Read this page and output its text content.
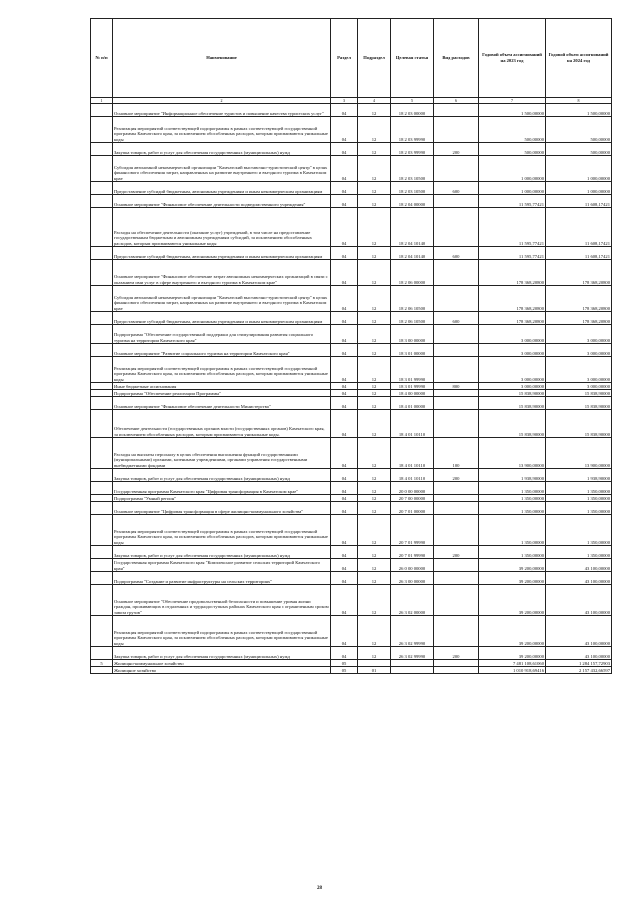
№ п/п	Наименование	Раздел	Подраздел	Целевая статья	Вид расходов	Годовой объем ассигнований на 2023 год	Годовой объем ассигнований на 2024 год
1	2	3	4	5	6	7	8
	Основное мероприятие "Информационное обеспечение туристов и повышение качества туристских услуг"	04	12	18 2 03 00000		1 500,00000	1 500,00000
	Реализация мероприятий соответствующей подпрограммы в рамках соответствующей государственной программы Камчатского края, за исключением обособленных расходов, которым присваиваются уникальные коды	04	12	18 2 03 99990		500,00000	500,00000
	Закупка товаров, работ и услуг для обеспечения государственных (муниципальных) нужд	04	12	18 2 03 99990	200	500,00000	500,00000
	Субсидия автономной некоммерческой организации "Камчатский выставочно-туристический центр" в целях финансового обеспечения затрат, направленных на развитие внутреннего и въездного туризма в Камчатском крае	04	12	18 2 03 10500		1 000,00000	1 000,00000
	Предоставление субсидий бюджетным, автономным учреждениям и иным некоммерческим организациям	04	12	18 2 03 10500	600	1 000,00000	1 000,00000
	Основное мероприятие "Финансовое обеспечение деятельности подведомственного учреждения"	04	12	18 2 04 00000		11 595,77421	11 608,17421
	Расходы на обеспечение деятельности (оказание услуг) учреждений, в том числе на предоставление государственным бюджетным и автономным учреждениям субсидий, за исключением обособленных расходов, которым присваиваются уникальные коды	04	12	18 2 04 10140		11 595,77421	11 608,17421
	Предоставление субсидий бюджетным, автономным учреждениям и иным некоммерческим организациям	04	12	18 2 04 10140	600	11 595,77421	11 608,17421
	Основное мероприятие "Финансовое обеспечение затрат автономных некоммерческих организаций в связи с оказанием ими услуг в сфере внутреннего и въездного туризма в Камчатском крае"	04	12	18 2 06 00000		178 368,20800	178 368,20800
	Субсидия автономной некоммерческой организации "Камчатский выставочно-туристический центр" в целях финансового обеспечения затрат, направленных на развитие внутреннего и въездного туризма в Камчатском крае	04	12	18 2 06 10500		178 368,20800	178 368,20800
	Предоставление субсидий бюджетным, автономным учреждениям и иным некоммерческим организациям	04	12	18 2 06 10500	600	178 368,20800	178 368,20800
	Подпрограмма "Обеспечение государственной поддержки для стимулирования развития социального туризма на территории Камчатского края"	04	12	18 3 00 00000		3 000,00000	3 000,00000
	Основное мероприятие "Развитие социального туризма на территории Камчатского края"	04	12	18 3 01 00000		3 000,00000	3 000,00000
	Реализация мероприятий соответствующей подпрограммы в рамках соответствующей государственной программы Камчатского края, за исключением обособленных расходов, которым присваиваются уникальные коды	04	12	18 3 01 99990		3 000,00000	3 000,00000
	Иные бюджетные ассигнования	04	12	18 3 01 99990	800	3 000,00000	3 000,00000
	Подпрограмма "Обеспечение реализации Программы"	04	12	18 4 00 00000		15 838,90000	15 838,90000
	Основное мероприятие "Финансовое обеспечение деятельности Министерства"	04	12	18 4 01 00000		15 838,90000	15 838,90000
	Обеспечение деятельности (государственных органов власти (государственных органов) Камчатского края, за исключением обособленных расходов, которым присваиваются уникальные коды.	04	12	18 4 01 10110		15 838,90000	15 838,90000
	Расходы на выплаты персоналу в целях обеспечения выполнения функций государственными (муниципальными) органами, казенными учреждениями, органами управления государственными внебюджетными фондами	04	12	18 4 01 10110	100	13 900,00000	13 900,00000
	Закупка товаров, работ и услуг для обеспечения государственных (муниципальных) нужд	04	12	18 4 01 10110	200	1 938,90000	1 938,90000
	Государственная программа Камчатского края "Цифровая трансформация в Камчатском крае"	04	12	20 0 00 00000		1 350,00000	1 350,00000
	Подпрограмма "Умный регион"	04	12	20 7 00 00000		1 350,00000	1 350,00000
	Основное мероприятие "Цифровая трансформация в сфере жилищно-коммунального хозяйства"	04	12	20 7 01 00000		1 350,00000	1 350,00000
	Реализация мероприятий соответствующей подпрограммы в рамках соответствующей государственной программы Камчатского края, за исключением обособленных расходов, которым присваиваются уникальные коды	04	12	20 7 01 99990		1 350,00000	1 350,00000
	Закупка товаров, работ и услуг для обеспечения государственных (муниципальных) нужд	04	12	20 7 01 99990	200	1 350,00000	1 350,00000
	Государственная программа Камчатского края "Комплексное развитие сельских территорий Камчатского края"	04	12	26 0 00 00000		39 200,00000	43 100,00000
	Подпрограмма "Создание и развитие инфраструктуры на сельских территориях"	04	12	26 3 00 00000		39 200,00000	43 100,00000
	Основное мероприятие "Обеспечение продовольственной безопасности и повышение уровня жизни граждан, проживающих в отдаленных и труднодоступных районах Камчатского края с ограниченным сроком завоза грузов"	04	12	26 3 02 00000		39 200,00000	43 100,00000
	Реализация мероприятий соответствующей подпрограммы в рамках соответствующей государственной программы Камчатского края, за исключением обособленных расходов, которым присваиваются уникальные коды	04	12	26 3 02 99990		39 200,00000	43 100,00000
	Закупка товаров, работ и услуг для обеспечения государственных (муниципальных) нужд	04	12	26 3 02 99990	200	39 200,00000	43 100,00000
5	Жилищно-коммунальное хозяйство	05				7 481 108,61060	1 284 157,72903
	Жилищное хозяйство	05	01			1 010 918,69416	2 157 432,66597
28
